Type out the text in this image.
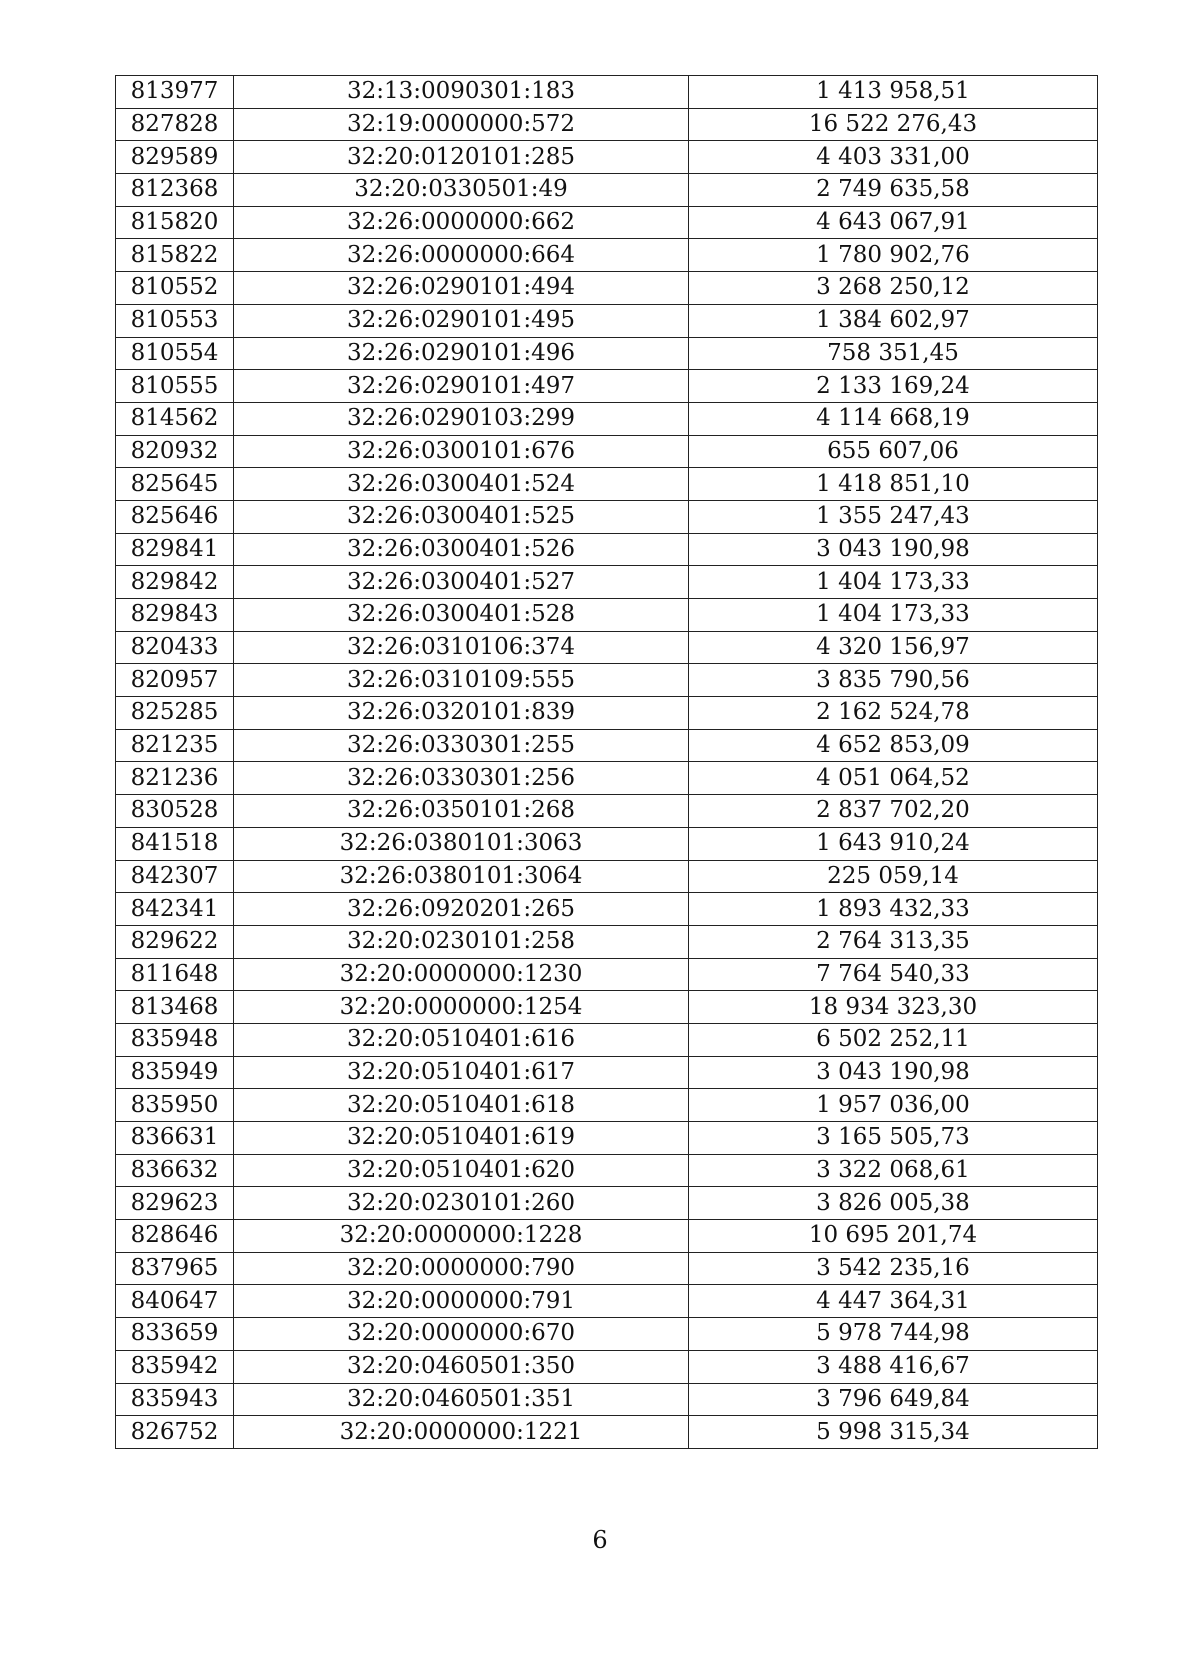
813977	32:13:0090301:183	1 413 958,51
827828	32:19:0000000:572	16 522 276,43
829589	32:20:0120101:285	4 403 331,00
812368	32:20:0330501:49	2 749 635,58
815820	32:26:0000000:662	4 643 067,91
815822	32:26:0000000:664	1 780 902,76
810552	32:26:0290101:494	3 268 250,12
810553	32:26:0290101:495	1 384 602,97
810554	32:26:0290101:496	758 351,45
810555	32:26:0290101:497	2 133 169,24
814562	32:26:0290103:299	4 114 668,19
820932	32:26:0300101:676	655 607,06
825645	32:26:0300401:524	1 418 851,10
825646	32:26:0300401:525	1 355 247,43
829841	32:26:0300401:526	3 043 190,98
829842	32:26:0300401:527	1 404 173,33
829843	32:26:0300401:528	1 404 173,33
820433	32:26:0310106:374	4 320 156,97
820957	32:26:0310109:555	3 835 790,56
825285	32:26:0320101:839	2 162 524,78
821235	32:26:0330301:255	4 652 853,09
821236	32:26:0330301:256	4 051 064,52
830528	32:26:0350101:268	2 837 702,20
841518	32:26:0380101:3063	1 643 910,24
842307	32:26:0380101:3064	225 059,14
842341	32:26:0920201:265	1 893 432,33
829622	32:20:0230101:258	2 764 313,35
811648	32:20:0000000:1230	7 764 540,33
813468	32:20:0000000:1254	18 934 323,30
835948	32:20:0510401:616	6 502 252,11
835949	32:20:0510401:617	3 043 190,98
835950	32:20:0510401:618	1 957 036,00
836631	32:20:0510401:619	3 165 505,73
836632	32:20:0510401:620	3 322 068,61
829623	32:20:0230101:260	3 826 005,38
828646	32:20:0000000:1228	10 695 201,74
837965	32:20:0000000:790	3 542 235,16
840647	32:20:0000000:791	4 447 364,31
833659	32:20:0000000:670	5 978 744,98
835942	32:20:0460501:350	3 488 416,67
835943	32:20:0460501:351	3 796 649,84
826752	32:20:0000000:1221	5 998 315,34
6
